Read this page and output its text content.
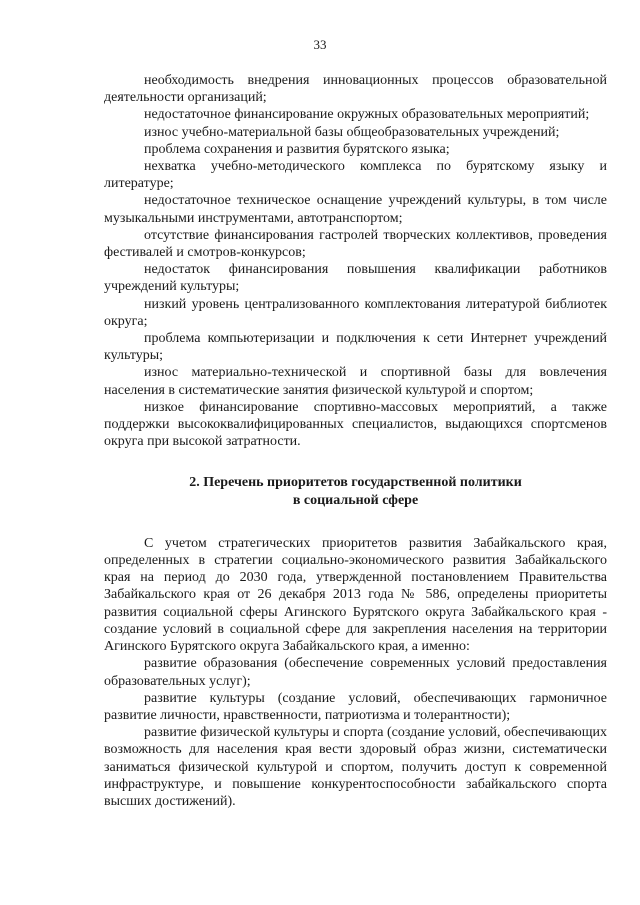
33

необходимость внедрения инновационных процессов образовательной деятельности организаций;

недостаточное финансирование окружных образовательных мероприятий;

износ учебно-материальной базы общеобразовательных учреждений;

проблема сохранения и развития бурятского языка;

нехватка учебно-методического комплекса по бурятскому языку и литературе;

недостаточное техническое оснащение учреждений культуры, в том числе музыкальными инструментами, автотранспортом;

отсутствие финансирования гастролей творческих коллективов, проведения фестивалей и смотров-конкурсов;

недостаток финансирования повышения квалификации работников учреждений культуры;

низкий уровень централизованного комплектования литературой библиотек округа;

проблема компьютеризации и подключения к сети Интернет учреждений культуры;

износ материально-технической и спортивной базы для вовлечения населения в систематические занятия физической культурой и спортом;

низкое финансирование спортивно-массовых мероприятий, а также поддержки высококвалифицированных специалистов, выдающихся спортсменов округа при высокой затратности.

2. Перечень приоритетов государственной политики

в социальной сфере

С учетом стратегических приоритетов развития Забайкальского края, определенных в стратегии социально-экономического развития Забайкальского края на период до 2030 года, утвержденной постановлением Правительства Забайкальского края от 26 декабря 2013 года № 586, определены приоритеты развития социальной сферы Агинского Бурятского округа Забайкальского края - создание условий в социальной сфере для закрепления населения на территории Агинского Бурятского округа Забайкальского края, а именно:

развитие образования (обеспечение современных условий предоставления образовательных услуг);

развитие культуры (создание условий, обеспечивающих гармоничное развитие личности, нравственности, патриотизма и толерантности);

развитие физической культуры и спорта (создание условий, обеспечивающих возможность для населения края вести здоровый образ жизни, систематически заниматься физической культурой и спортом, получить доступ к современной инфраструктуре, и повышение конкурентоспособности забайкальского спорта высших достижений).
